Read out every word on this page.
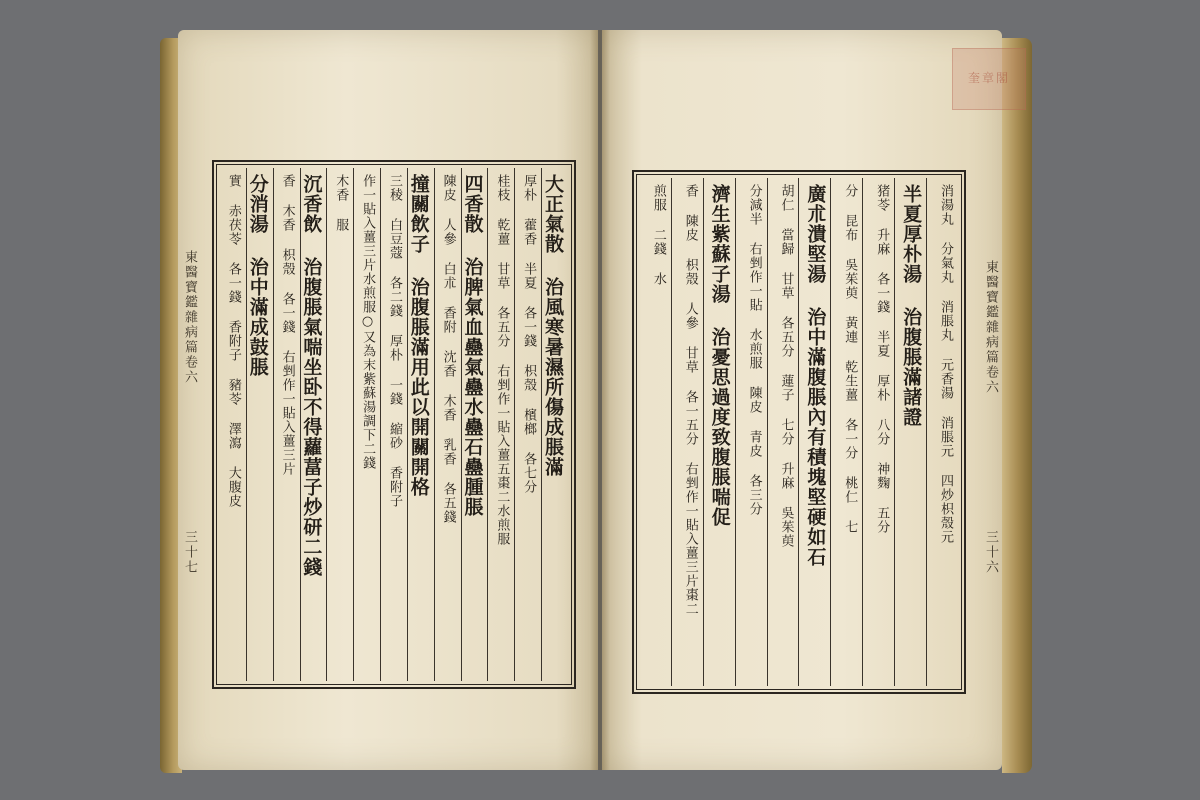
東醫寶鑑雜病篇卷六
三十七
大正氣散 治風寒暑濕所傷成脹滿
厚朴 藿香 半夏 各一錢 枳殼 檳榔 各七分
桂枝 乾薑 甘草 各五分 右剉作一貼入薑五棗二水煎服
四香散 治脾氣血蠱氣蠱水蠱石蠱腫脹
陳皮 人參 白朮 香附 沈香 木香 乳香 各五錢
撞關飲子 治腹脹滿用此以開關開格
三稜 白豆蔻 各二錢 厚朴 一錢 縮砂 香附子
作一貼入薑三片水煎服○又為末紫蘇湯調下二錢
木香 服
沉香飲 治腹脹氣喘坐卧不得蘿葍子炒研二錢
香 木香 枳殼 各一錢 右剉作一貼入薑三片
分消湯 治中滿成鼓脹
實 赤茯苓 各一錢 香附子 豬苓 澤瀉 大腹皮
奎章閣
東醫寶鑑雜病篇卷六
三十六
消湯丸 分氣丸 消脹丸 元香湯 消脹元 四炒枳殼元
半夏厚朴湯 治腹脹滿諸證
猪苓 升麻 各一錢 半夏 厚朴 八分 神麴 五分
分 昆布 吳茱萸 黃連 乾生薑 各一分 桃仁 七
廣朮潰堅湯 治中滿腹脹內有積塊堅硬如石
胡仁 當歸 甘草 各五分 蓮子 七分 升麻 吳茱萸
分減半 右剉作一貼 水煎服 陳皮 青皮 各三分
濟生紫蘇子湯 治憂思過度致腹脹喘促
香 陳皮 枳殼 人參 甘草 各一五分 右剉作一貼入薑三片棗二
煎服 二錢 水
